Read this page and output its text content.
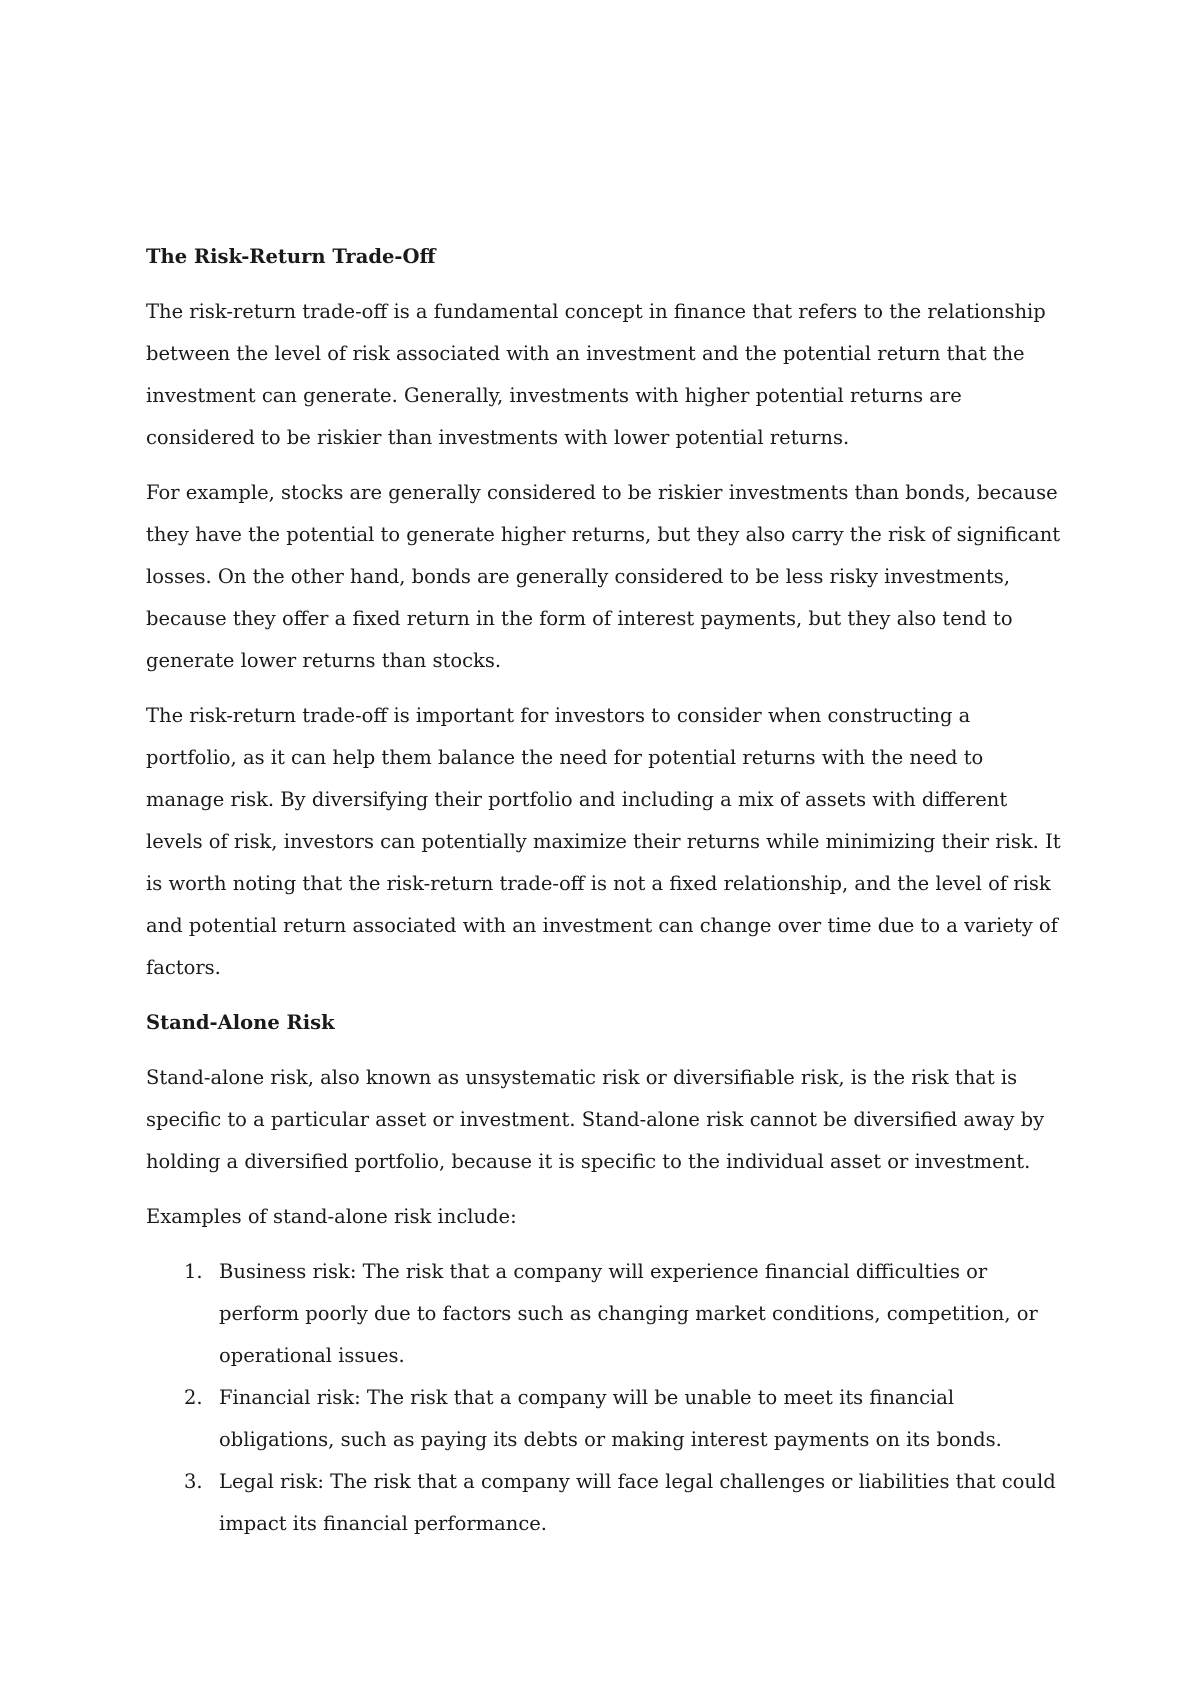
The Risk-Return Trade-Off

The risk-return trade-off is a fundamental concept in finance that refers to the relationship between the level of risk associated with an investment and the potential return that the investment can generate. Generally, investments with higher potential returns are considered to be riskier than investments with lower potential returns.

For example, stocks are generally considered to be riskier investments than bonds, because they have the potential to generate higher returns, but they also carry the risk of significant losses. On the other hand, bonds are generally considered to be less risky investments, because they offer a fixed return in the form of interest payments, but they also tend to generate lower returns than stocks.

The risk-return trade-off is important for investors to consider when constructing a portfolio, as it can help them balance the need for potential returns with the need to manage risk. By diversifying their portfolio and including a mix of assets with different levels of risk, investors can potentially maximize their returns while minimizing their risk. It is worth noting that the risk-return trade-off is not a fixed relationship, and the level of risk and potential return associated with an investment can change over time due to a variety of factors.

Stand-Alone Risk

Stand-alone risk, also known as unsystematic risk or diversifiable risk, is the risk that is specific to a particular asset or investment. Stand-alone risk cannot be diversified away by holding a diversified portfolio, because it is specific to the individual asset or investment.

Examples of stand-alone risk include:

1. Business risk: The risk that a company will experience financial difficulties or perform poorly due to factors such as changing market conditions, competition, or operational issues.
2. Financial risk: The risk that a company will be unable to meet its financial obligations, such as paying its debts or making interest payments on its bonds.
3. Legal risk: The risk that a company will face legal challenges or liabilities that could impact its financial performance.
